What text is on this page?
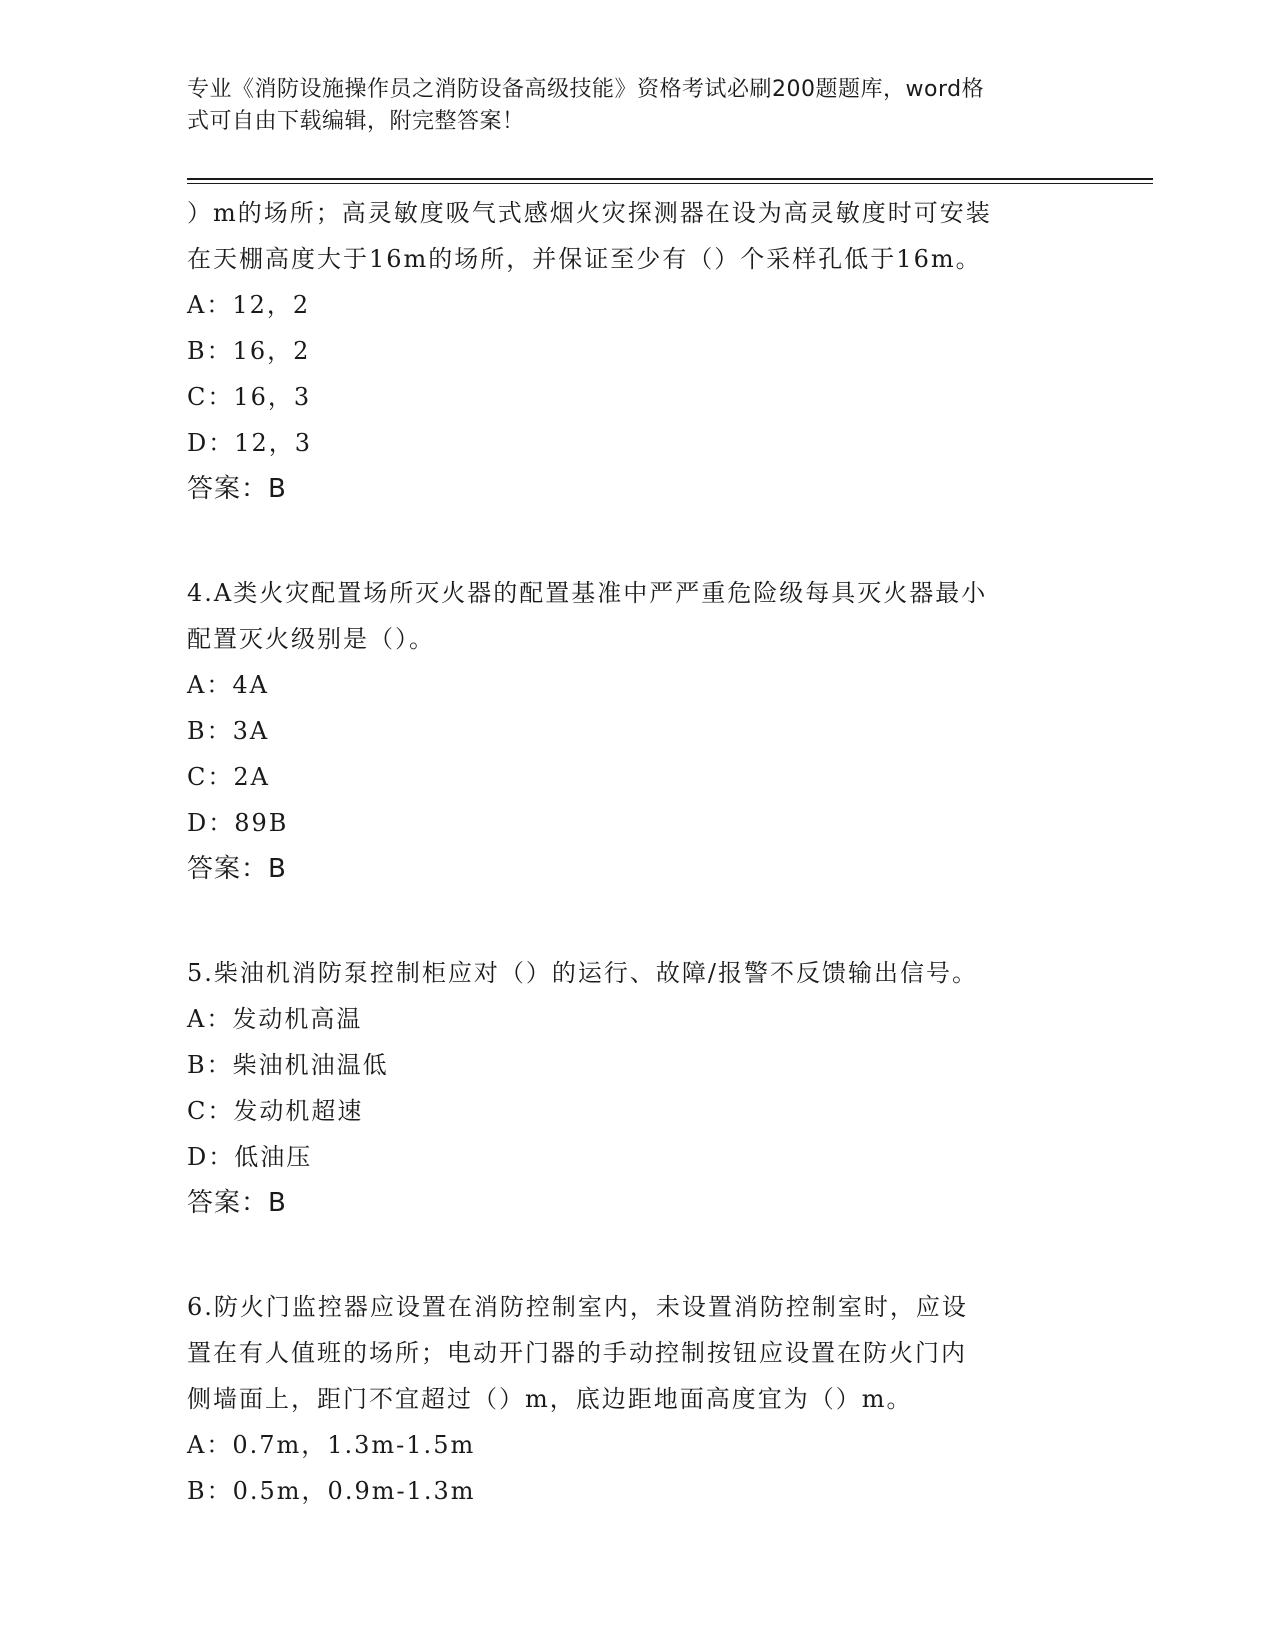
专业《消防设施操作员之消防设备高级技能》资格考试必刷200题题库，word格
式可自由下载编辑，附完整答案！
）m的场所；高灵敏度吸气式感烟火灾探测器在设为高灵敏度时可安装
在天棚高度大于16m的场所，并保证至少有（）个采样孔低于16m。
A：12，2
B：16，2
C：16，3
D：12，3
答案：B
4.A类火灾配置场所灭火器的配置基准中严严重危险级每具灭火器最小
配置灭火级别是（）。
A：4A
B：3A
C：2A
D：89B
答案：B
5.柴油机消防泵控制柜应对（）的运行、故障/报警不反馈输出信号。
A：发动机高温
B：柴油机油温低
C：发动机超速
D：低油压
答案：B
6.防火门监控器应设置在消防控制室内，未设置消防控制室时，应设
置在有人值班的场所；电动开门器的手动控制按钮应设置在防火门内
侧墙面上，距门不宜超过（）m，底边距地面高度宜为（）m。
A：0.7m，1.3m-1.5m
B：0.5m，0.9m-1.3m
